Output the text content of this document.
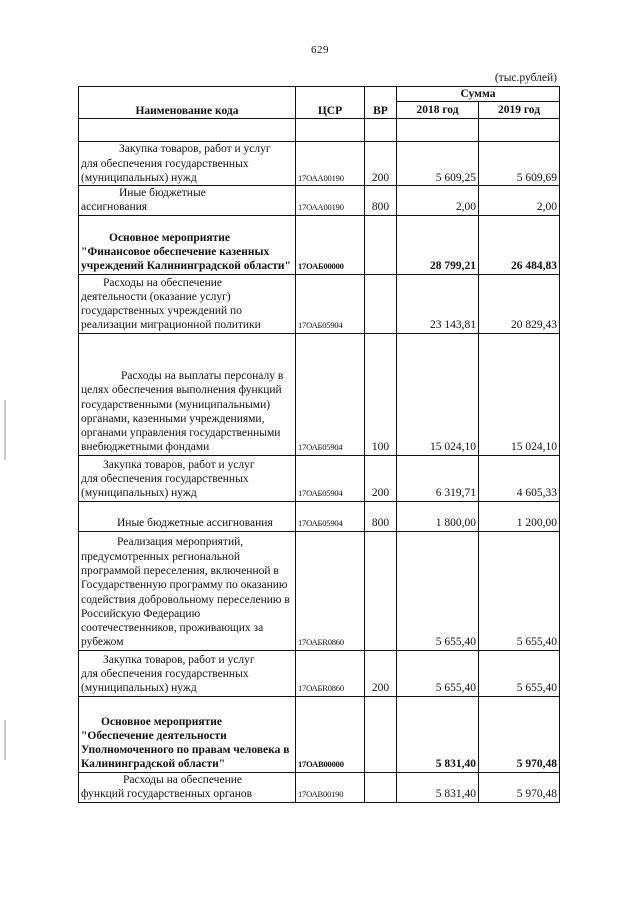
629
(тыс.рублей)
Наименование кода	ЦСР	ВР	Сумма	
			2018 год	2019 год

Закупка товаров, работ и услуг
для обеспечения государственных (муниципальных) нужд	17ОАА00190	200	5 609,25	5 609,69

Иные бюджетные
ассигнования	17ОАА00190	800	2,00	2,00

Основное мероприятие
"Финансовое обеспечение казенных учреждений Калининградской области"	17ОАБ00000		28 799,21	26 484,83

Расходы на обеспечение
деятельности (оказание услуг) государственных учреждений по реализации миграционной политики	17ОАБ05904		23 143,81	20 829,43

Расходы на выплаты персоналу в
целях обеспечения выполнения функций государственными (муниципальными) органами, казенными учреждениями, органами управления государственными внебюджетными фондами	17ОАБ05904	100	15 024,10	15 024,10

Закупка товаров, работ и услуг
для обеспечения государственных (муниципальных) нужд	17ОАБ05904	200	6 319,71	4 605,33

Иные бюджетные ассигнования	17ОАБ05904	800	1 800,00	1 200,00

Реализация мероприятий,
предусмотренных региональной программой переселения, включенной в Государственную программу по оказанию содействия добровольному переселению в Российскую Федерацию соотечественников, проживающих за рубежом	17ОАБR0860		5 655,40	5 655,40

Закупка товаров, работ и услуг
для обеспечения государственных (муниципальных) нужд	17ОАБR0860	200	5 655,40	5 655,40

Основное мероприятие
"Обеспечение деятельности Уполномоченного по правам человека в Калининградской области"	17ОАВ00000		5 831,40	5 970,48

Расходы на обеспечение
функций государственных органов	17ОАВ00190		5 831,40	5 970,48
